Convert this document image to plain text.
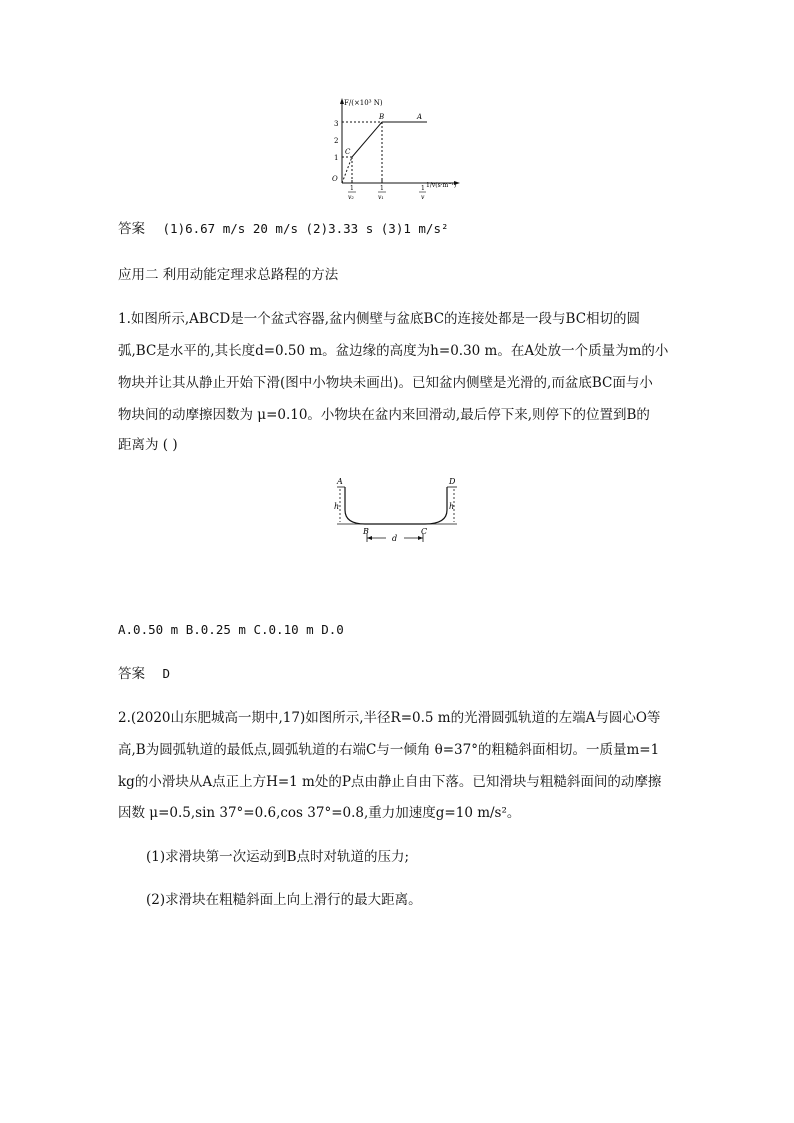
F/(×10³ N)
1
2
3
O
C
B	A
1
v₂
1
v₁
1
v
1/v(s·m⁻¹)
答案 (1)6.67 m/s 20 m/s (2)3.33 s (3)1 m/s²
应用二 利用动能定理求总路程的方法
1.如图所示,ABCD是一个盆式容器,盆内侧壁与盆底BC的连接处都是一段与BC相切的圆
弧,BC是水平的,其长度d=0.50 m。盆边缘的高度为h=0.30 m。在A处放一个质量为m的小
物块并让其从静止开始下滑(图中小物块未画出)。已知盆内侧壁是光滑的,而盆底BC面与小
物块间的动摩擦因数为 μ=0.10。小物块在盆内来回滑动,最后停下来,则停下的位置到B的
距离为 ( )
A	D
h	h
B	C
d
A.0.50 m B.0.25 m C.0.10 m D.0
答案 D
2.(2020山东肥城高一期中,17)如图所示,半径R=0.5 m的光滑圆弧轨道的左端A与圆心O等
高,B为圆弧轨道的最低点,圆弧轨道的右端C与一倾角 θ=37°的粗糙斜面相切。一质量m=1
kg的小滑块从A点正上方H=1 m处的P点由静止自由下落。已知滑块与粗糙斜面间的动摩擦
因数 μ=0.5,sin 37°=0.6,cos 37°=0.8,重力加速度g=10 m/s²。
(1)求滑块第一次运动到B点时对轨道的压力;
(2)求滑块在粗糙斜面上向上滑行的最大距离。
